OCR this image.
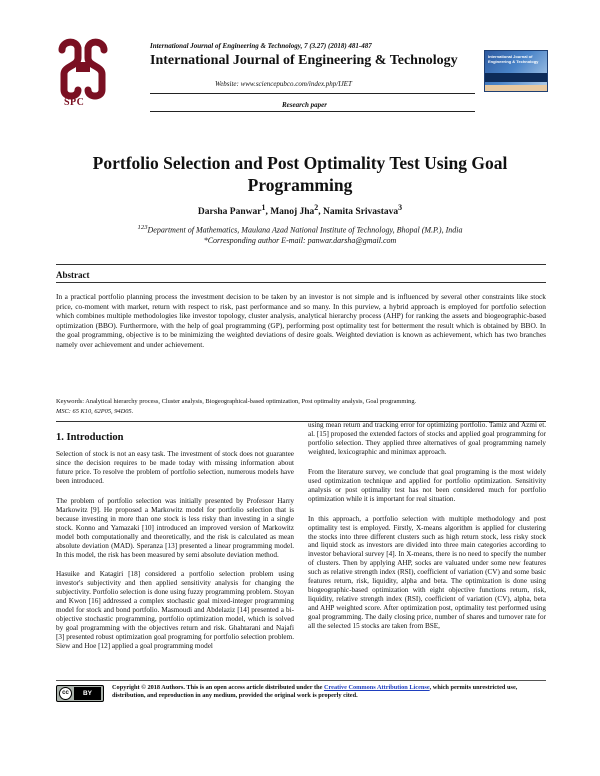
SPC
International Journal of Engineering & Technology, 7 (3.27) (2018) 481-487
International Journal of Engineering & Technology
Website: www.sciencepubco.com/index.php/IJET
Research paper
International Journal of Engineering & Technology
Portfolio Selection and Post Optimality Test Using Goal Programming
Darsha Panwar$^1$, Manoj Jha$^2$, Namita Srivastava$^3$
$^{123}$Department of Mathematics, Maulana Azad National Institute of Technology, Bhopal (M.P.), India
*Corresponding author E-mail: panwar.darsha@gmail.com
Abstract
In a practical portfolio planning process the investment decision to be taken by an investor is not simple and is influenced by several other constraints like stock price, co-moment with market, return with respect to risk, past performance and so many. In this purview, a hybrid approach is employed for portfolio selection which combines multiple methodologies like investor topology, cluster analysis, analytical hierarchy process (AHP) for ranking the assets and biogeographic-based optimization (BBO). Furthermore, with the help of goal programming (GP), performing post optimality test for betterment the result which is obtained by BBO. In the goal programming, objective is to be minimizing the weighted deviations of desire goals. Weighted deviation is known as achievement, which has two branches namely over achievement and under achievement.
Keywords: Analytical hierarchy process, Cluster analysis, Biogeographical-based optimization, Post optimality analysis, Goal programming.
MSC: 65 K10, 62P05, 94D05.
1. Introduction

Selection of stock is not an easy task. The investment of stock does not guarantee since the decision requires to be made today with missing information about future price. To resolve the problem of portfolio selection, numerous models have been introduced.

The problem of portfolio selection was initially presented by Professor Harry Markowitz [9]. He proposed a Markowitz model for portfolio selection that is because investing in more than one stock is less risky than investing in a single stock. Konno and Yamazaki [10] introduced an improved version of Markowitz model both computationally and theoretically, and the risk is calculated as mean absolute deviation (MAD). Speranza [13] presented a linear programming model. In this model, the risk has been measured by semi absolute deviation method.

Hasuike and Katagiri [18] considered a portfolio selection problem using investor's subjectivity and then applied sensitivity analysis for changing the subjectivity. Portfolio selection is done using fuzzy programming problem. Stoyan and Kwon [16] addressed a complex stochastic goal mixed-integer programming model for stock and bond portfolio. Masmoudi and Abdelaziz [14] presented a bi-objective stochastic programming, portfolio optimization model, which is solved by goal programming with the objectives return and risk. Ghahtarani and Najafi [3] presented robust optimization goal programing for portfolio selection problem. Siew and Hoe [12] applied a goal programming model

using mean return and tracking error for optimizing portfolio. Tamiz and Azmi et. al. [15] proposed the extended factors of stocks and applied goal programming for portfolio selection. They applied three alternatives of goal programming namely weighted, lexicographic and minimax approach.

From the literature survey, we conclude that goal programing is the most widely used optimization technique and applied for portfolio optimization. Sensitivity analysis or post optimality test has not been considered much for portfolio optimization while it is important for real situation.

In this approach, a portfolio selection with multiple methodology and post optimality test is employed. Firstly, X-means algorithm is applied for clustering the stocks into three different clusters such as high return stock, less risky stock and liquid stock as investors are divided into three main categories according to investor behavioral survey [4]. In X-means, there is no need to specify the number of clusters. Then by applying AHP, socks are valuated under some new features such as relative strength index (RSI), coefficient of variation (CV) and some basic features return, risk, liquidity, alpha and beta. The optimization is done using biogeographic-based optimization with eight objective functions return, risk, liquidity, relative strength index (RSI), coefficient of variation (CV), alpha, beta and AHP weighted score. After optimization post, optimality test performed using goal programming. The daily closing price, number of shares and turnover rate for all the selected 15 stocks are taken from BSE,

cc	BY
Copyright © 2018 Authors. This is an open access article distributed under the Creative Commons Attribution License, which permits unrestricted use, distribution, and reproduction in any medium, provided the original work is properly cited.
